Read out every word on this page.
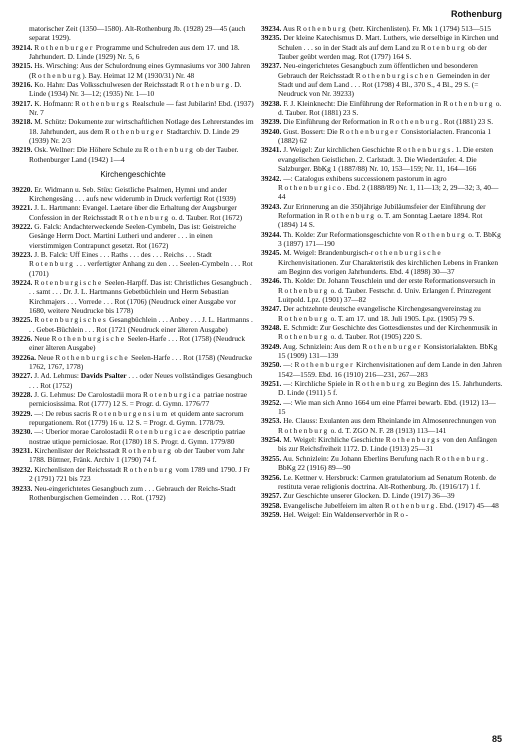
Rothenburg

matorischer Zeit (1350—1580). Alt-Rothenburg Jb. (1928) 29—45 (auch separat 1929).

39214. Rothenburger Programme und Schulreden aus dem 17. und 18. Jahrhundert. D. Linde (1929) Nr. 5, 6

39215. Hs. Wirsching: Aus der Schulordnung eines Gymnasiums vor 300 Jahren (Rothenburg). Bay. Heimat 12 M (1930/31) Nr. 48

39216. Ko. Hahn: Das Volksschulwesen der Reichsstadt Rothenburg. D. Linde (1934) Nr. 3—12; (1935) Nr. 1—10

39217. K. Hofmann: Rothenburgs Realschule — fast Jubilarin! Ebd. (1937) Nr. 7

39218. M. Schütz: Dokumente zur wirtschaftlichen Notlage des Lehrerstandes im 18. Jahrhundert, aus dem Rothenburger Stadtarchiv. D. Linde 29 (1939) Nr. 2/3

39219. Osk. Wellner: Die Höhere Schule zu Rothenburg ob der Tauber. Rothenburger Land (1942) 1—4

Kirchengeschichte

39220. Er. Widmann u. Seb. Stüx: Geistliche Psalmen, Hymni und ander Kirchengesäng . . . aufs new widerumb in Druck verfertigt Rot (1939)

39221. J. L. Hartmann: Evangel. Laetare über die Erhaltung der Augsburger Confession in der Reichsstadt Rothenburg o. d. Tauber. Rot (1672)

39222. G. Falck: Andachterweckende Seelen-Cymbeln, Das ist: Geistreiche Gesänge Herrn Doct. Martini Lutheri und anderer . . . in einen vierstimmigen Contrapunct gesetzt. Rot (1672)

39223. J. B. Falck: Uff Eines . . . Raths . . . des . . . Reichs . . . Stadt Rotenburg . . . verfertigter Anhang zu den . . . Seelen-Cymbeln . . . Rot (1701)

39224. Rotenburgische Seelen-Harpff. Das ist: Christliches Gesangbuch . . . samt . . . Dr. J. L. Hartmanns Gebetbüchlein und Herrn Sebastian Kirchmajers . . . Vorrede . . . Rot (1706) (Neudruck einer Ausgabe vor 1680, weitere Neudrucke bis 1778)

39225. Rotenburgisches Gesangbüchlein . . . Anbey . . . J. L. Hartmanns . . . Gebet-Büchlein . . . Rot (1721 (Neudruck einer älteren Ausgabe)

39226. Neue Rothenburgische Seelen-Harfe . . . Rot (1758) (Neudruck einer älteren Ausgabe)

39226a. Neue Rothenburgische Seelen-Harfe . . . Rot (1758) (Neudrucke 1762, 1767, 1778)

39227. J. Ad. Lehmus: Davids Psalter . . . oder Neues vollständiges Gesangbuch . . . Rot (1752)

39228. J. G. Lehmus: De Carolostadii mora Rotenburgica patriae nostrae perniciosissima. Rot (1777) 12 S. = Progr. d. Gymn. 1776/77

39229. —: De rebus sacris Rotenburgensium et quidem ante sacrorum repurgationem. Rot (1779) 16 u. 12 S. = Progr. d. Gymn. 1778/79.

39230. —: Uberior morae Carolostadii Rotenburgicae descriptio patriae nostrae utique perniciosae. Rot (1780) 18 S. Progr. d. Gymn. 1779/80

39231. Kirchenlister der Reichsstadt Rothenburg ob der Tauber vom Jahr 1788. Büttner, Fränk. Archiv 1 (1790) 74 f.

39232. Kirchenlisten der Reichsstadt Rothenburg vom 1789 und 1790. J Fr 2 (1791) 721 bis 723

39233. Neu-eingerichtetes Gesangbuch zum . . . Gebrauch der Reichs-Stadt Rothenburgischen Gemeinden . . . Rot. (1792)

39234. Aus Rothenburg (betr. Kirchenlisten). Fr. Mk 1 (1794) 513—515

39235. Der kleine Katechismus D. Mart. Luthers, wie derselbige in Kirchen und Schulen . . . so in der Stadt als auf dem Land zu Rotenburg ob der Tauber geübt werden mag. Rot (1797) 164 S.

39237. Neu-eingerichtetes Gesangbuch zum öffentlichen und besonderen Gebrauch der Reichsstadt Rothenburgischen Gemeinden in der Stadt und auf dem Land . . . Rot (1798) 4 Bl., 370 S., 4 Bl., 29 S. (= Neudruck von Nr. 39233)

39238. F. J. Kleinknecht: Die Einführung der Reformation in Rothenburg o. d. Tauber. Rot (1881) 23 S.

39239. Die Einführung der Reformation in Rothenburg. Rot (1881) 23 S.

39240. Gust. Bossert: Die Rothenburger Consistorialacten. Franconia 1 (1882) 62

39241. J. Weigel: Zur kirchlichen Geschichte Rothenburgs. 1. Die ersten evangelischen Geistlichen. 2. Carlstadt. 3. Die Wiedertäufer. 4. Die Salzburger. BbKg 1 (1887/88) Nr. 10, 153—159; Nr. 11, 164—166

39242. —: Catalogus exhibens successionem pastorum in agro Rothenburgico. Ebd. 2 (1888/89) Nr. 1, 11—13; 2, 29—32; 3, 40—44

39243. Zur Erinnerung an die 350jährige Jubiläumsfeier der Einführung der Reformation in Rothenburg o. T. am Sonntag Laetare 1894. Rot (1894) 14 S.

39244. Th. Kolde: Zur Reformationsgeschichte von Rothenburg o. T. BbKg 3 (1897) 171—190

39245. M. Weigel: Brandenburgisch-rothenburgische Kirchenvisitationen. Zur Charakteristik des kirchlichen Lebens in Franken am Beginn des vorigen Jahrhunderts. Ebd. 4 (1898) 30—37

39246. Th. Kolde: Dr. Johann Teuschlein und der erste Reformationsversuch in Rothenburg o. d. Tauber. Festschr. d. Univ. Erlangen f. Prinzregent Luitpold. Lpz. (1901) 37—82

39247. Der achtzehnte deutsche evangelische Kirchengesangvereinstag zu Rothenburg o. T. am 17. und 18. Juli 1905. Lpz. (1905) 79 S.

39248. E. Schmidt: Zur Geschichte des Gottesdienstes und der Kirchenmusik in Rothenburg o. d. Tauber. Rot (1905) 220 S.

39249. Aug. Schnizlein: Aus dem Rothenburger Konsistorialakten. BbKg 15 (1909) 131—139

39250. —: Rothenburger Kirchenvisitationen auf dem Lande in den Jahren 1542—1559. Ebd. 16 (1910) 216—231, 267—283

39251. —: Kirchliche Spiele in Rothenburg zu Beginn des 15. Jahrhunderts. D. Linde (1911) 5 f.

39252. —: Wie man sich Anno 1664 um eine Pfarrei bewarb. Ebd. (1912) 13—15

39253. He. Clauss: Exulanten aus dem Rheinlande im Almosenrechnungen von Rothenburg o. d. T. ZGO N. F. 28 (1913) 113—141

39254. M. Weigel: Kirchliche Geschichte Rothenburgs von den Anfängen bis zur Reichsfreiheit 1172. D. Linde (1913) 25—31

39255. Au. Schnizlein: Zu Johann Eberlins Berufung nach Rothenburg. BbKg 22 (1916) 89—90

39256. Le. Kettner v. Hersbruck: Carmen gratulatorium ad Senatum Rotenb. de restituta verae religionis doctrina. Alt-Rothenburg. Jb. (1916/17) 1 f.

39257. Zur Geschichte unserer Glocken. D. Linde (1917) 36—39

39258. Evangelische Jubelfeiern im alten Rothenburg. Ebd. (1917) 45—48

39259. Hel. Weigel: Ein Waldenserverhör in Ro-

85
